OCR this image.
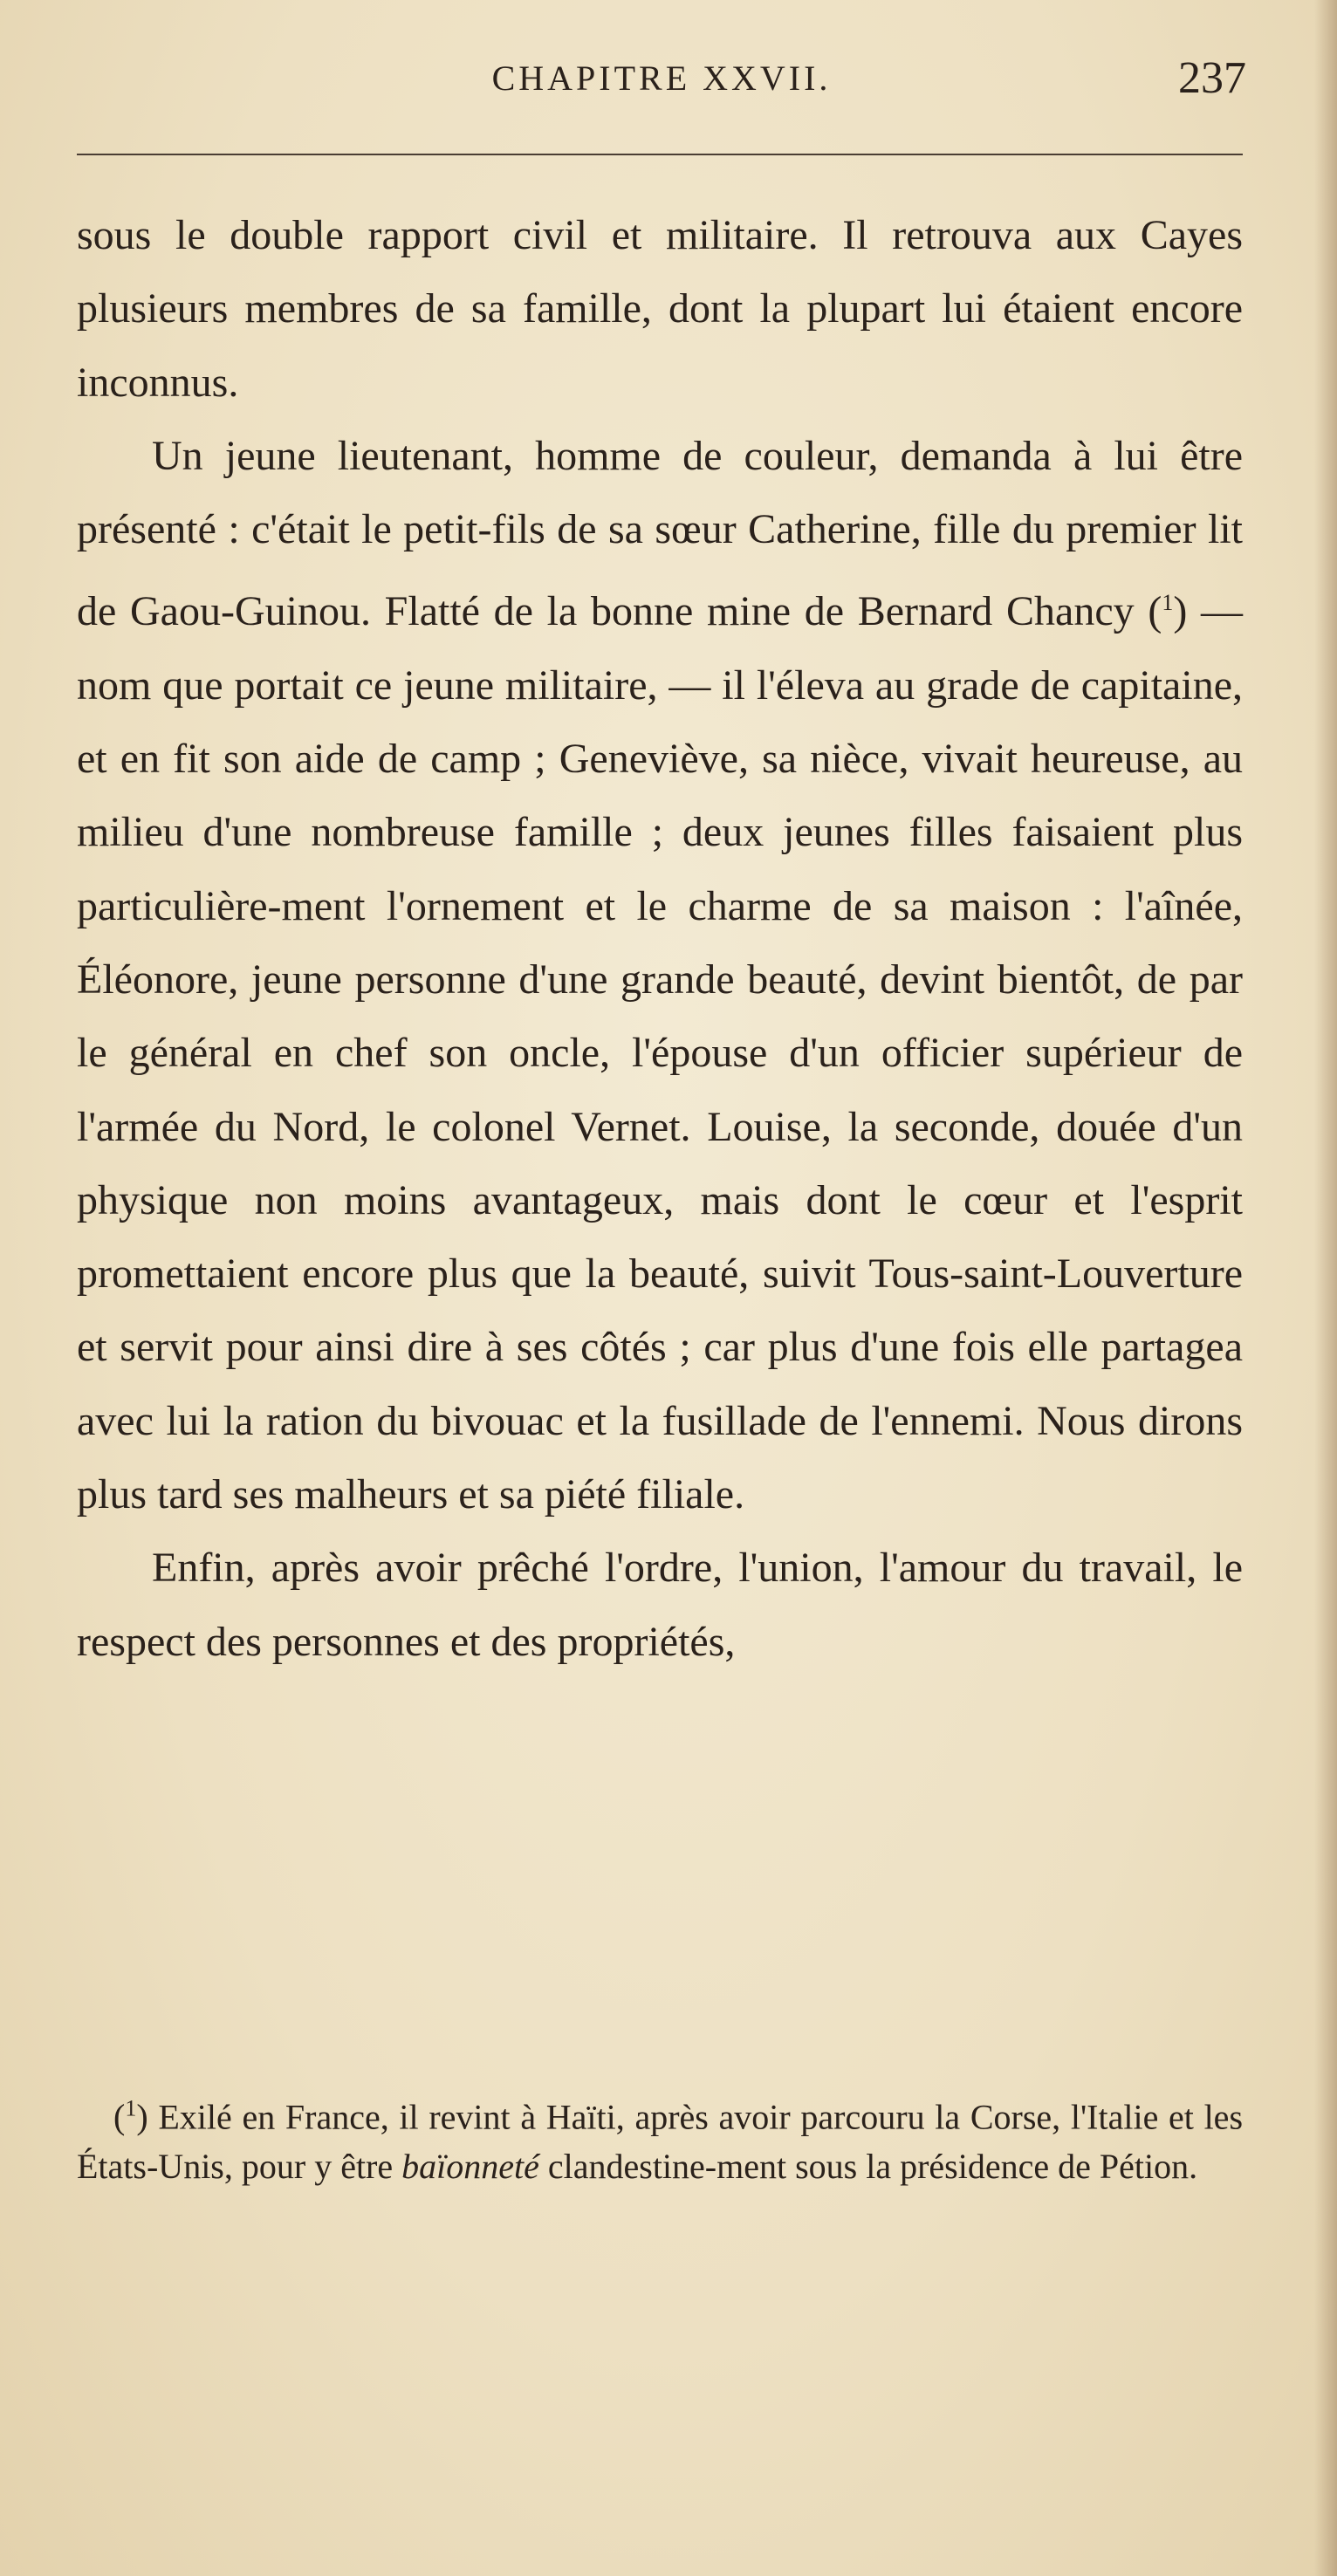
CHAPITRE XXVII.	237

sous le double rapport civil et militaire. Il retrouva aux Cayes plusieurs membres de sa famille, dont la plupart lui étaient encore inconnus.

Un jeune lieutenant, homme de couleur, demanda à lui être présenté : c'était le petit-fils de sa sœur Catherine, fille du premier lit de Gaou-Guinou. Flatté de la bonne mine de Bernard Chancy ($^1$) — nom que portait ce jeune militaire, — il l'éleva au grade de capitaine, et en fit son aide de camp ; Geneviève, sa nièce, vivait heureuse, au milieu d'une nombreuse famille ; deux jeunes filles faisaient plus particulière-ment l'ornement et le charme de sa maison : l'aînée, Éléonore, jeune personne d'une grande beauté, devint bientôt, de par le général en chef son oncle, l'épouse d'un officier supérieur de l'armée du Nord, le colonel Vernet. Louise, la seconde, douée d'un physique non moins avantageux, mais dont le cœur et l'esprit promettaient encore plus que la beauté, suivit Tous-saint-Louverture et servit pour ainsi dire à ses côtés ; car plus d'une fois elle partagea avec lui la ration du bivouac et la fusillade de l'ennemi. Nous dirons plus tard ses malheurs et sa piété filiale.

Enfin, après avoir prêché l'ordre, l'union, l'amour du travail, le respect des personnes et des propriétés,

($^1$) Exilé en France, il revint à Haïti, après avoir parcouru la Corse, l'Italie et les États-Unis, pour y être baïonneté clandestine-ment sous la présidence de Pétion.
